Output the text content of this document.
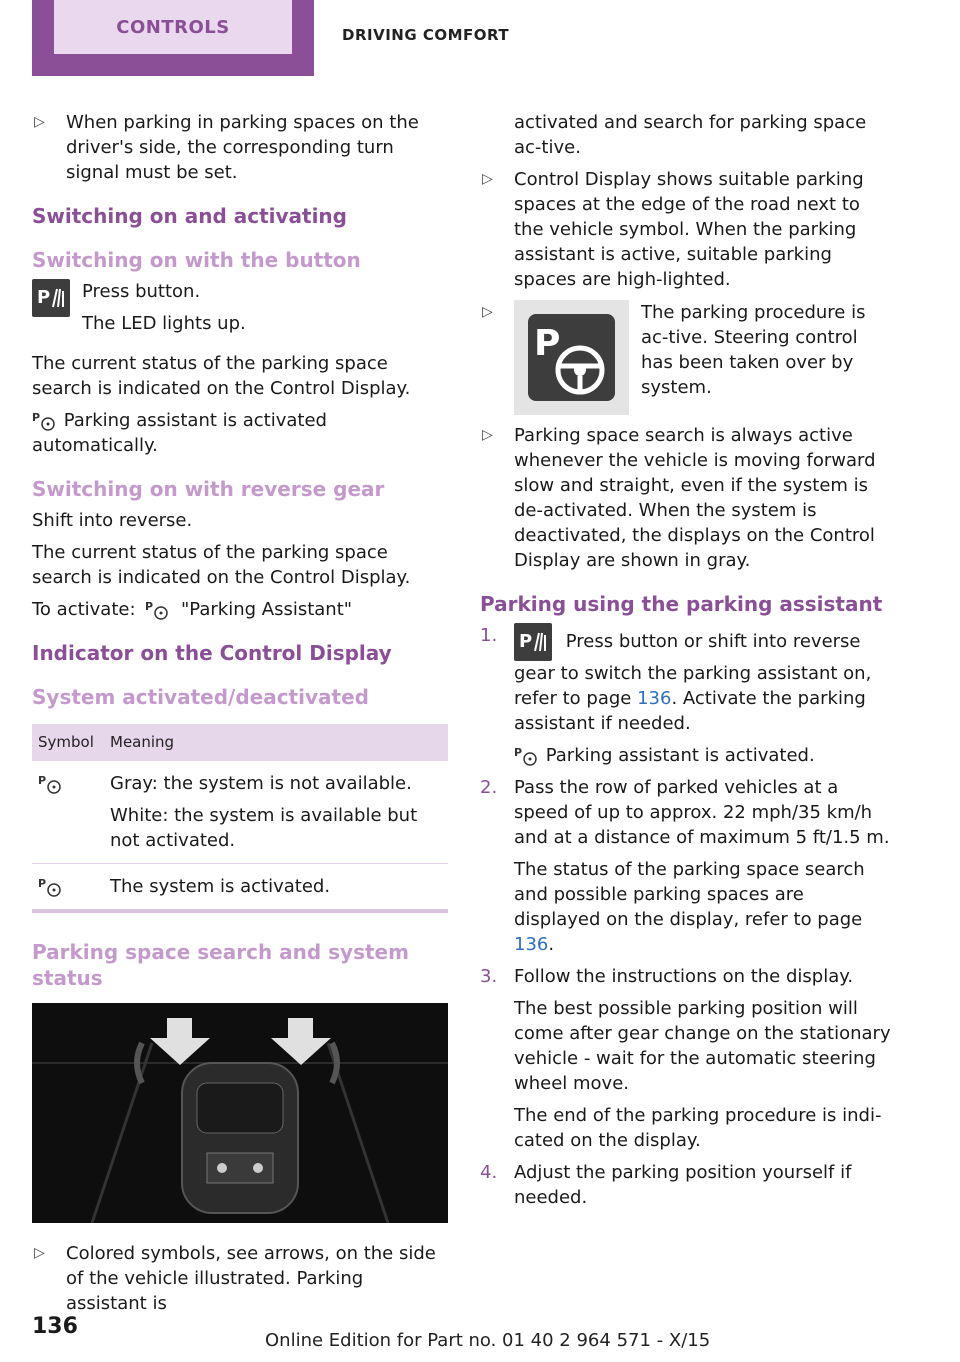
CONTROLS	DRIVING COMFORT
▷ When parking in parking spaces on the driver's side, the corresponding turn signal must be set.
Switching on and activating
Switching on with the button
P Press button.

The LED lights up.

The current status of the parking space search is indicated on the Control Display.

P Parking assistant is activated automatically.

Switching on with reverse gear

Shift into reverse.

The current status of the parking space search is indicated on the Control Display.

To activate: P "Parking Assistant"

Indicator on the Control Display
System activated/deactivated
Symbol	Meaning

P	Gray: the system is not available.

White: the system is available but not activated.

P	The system is activated.
Parking space search and system status
▷ Colored symbols, see arrows, on the side of the vehicle illustrated. Parking assistant is

activated and search for parking space ac‐tive.

▷ Control Display shows suitable parking spaces at the edge of the road next to the vehicle symbol. When the parking assistant is active, suitable parking spaces are high‐lighted.
▷
P
The parking procedure is ac‐tive. Steering control has been taken over by system.
▷ Parking space search is always active whenever the vehicle is moving forward slow and straight, even if the system is de‐activated. When the system is deactivated, the displays on the Control Display are shown in gray.
Parking using the parking assistant
1. P Press button or shift into reverse gear to switch the parking assistant on, refer to page 136. Activate the parking assistant if needed.

P Parking assistant is activated.

2. Pass the row of parked vehicles at a speed of up to approx. 22 mph/35 km/h and at a distance of maximum 5 ft/1.5 m.

The status of the parking space search and possible parking spaces are displayed on the display, refer to page 136.

3. Follow the instructions on the display.

The best possible parking position will come after gear change on the stationary vehicle - wait for the automatic steering wheel move.

The end of the parking procedure is indi‐cated on the display.

4. Adjust the parking position yourself if needed.
136
Online Edition for Part no. 01 40 2 964 571 - X/15
